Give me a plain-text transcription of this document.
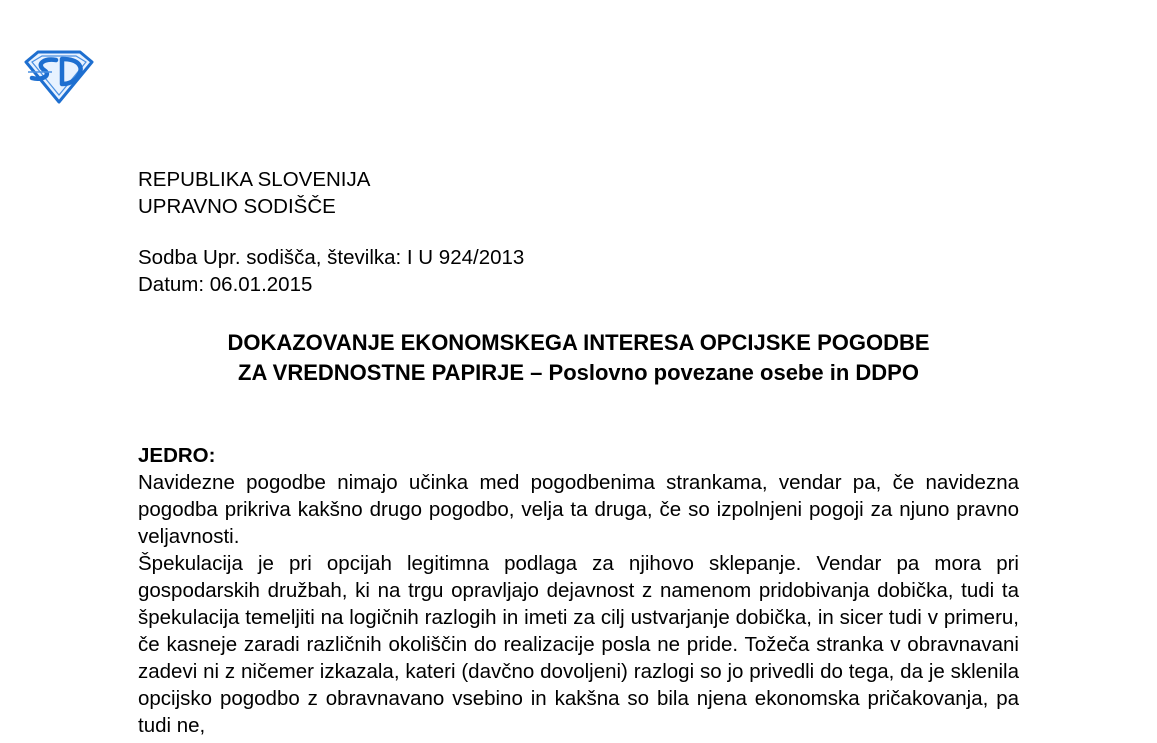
REPUBLIKA SLOVENIJA
UPRAVNO SODIŠČE
Sodba Upr. sodišča, številka: I U 924/2013
Datum: 06.01.2015
DOKAZOVANJE EKONOMSKEGA INTERESA OPCIJSKE POGODBE
ZA VREDNOSTNE PAPIRJE – Poslovno povezane osebe in DDPO
JEDRO:

Navidezne pogodbe nimajo učinka med pogodbenima strankama, vendar pa, če navidezna pogodba prikriva kakšno drugo pogodbo, velja ta druga, če so izpolnjeni pogoji za njuno pravno veljavnosti.

Špekulacija je pri opcijah legitimna podlaga za njihovo sklepanje. Vendar pa mora pri gospodarskih družbah, ki na trgu opravljajo dejavnost z namenom pridobivanja dobička, tudi ta špekulacija temeljiti na logičnih razlogih in imeti za cilj ustvarjanje dobička, in sicer tudi v primeru, če kasneje zaradi različnih okoliščin do realizacije posla ne pride. Tožeča stranka v obravnavani zadevi ni z ničemer izkazala, kateri (davčno dovoljeni) razlogi so jo privedli do tega, da je sklenila opcijsko pogodbo z obravnavano vsebino in kakšna so bila njena ekonomska pričakovanja, pa tudi ne,
